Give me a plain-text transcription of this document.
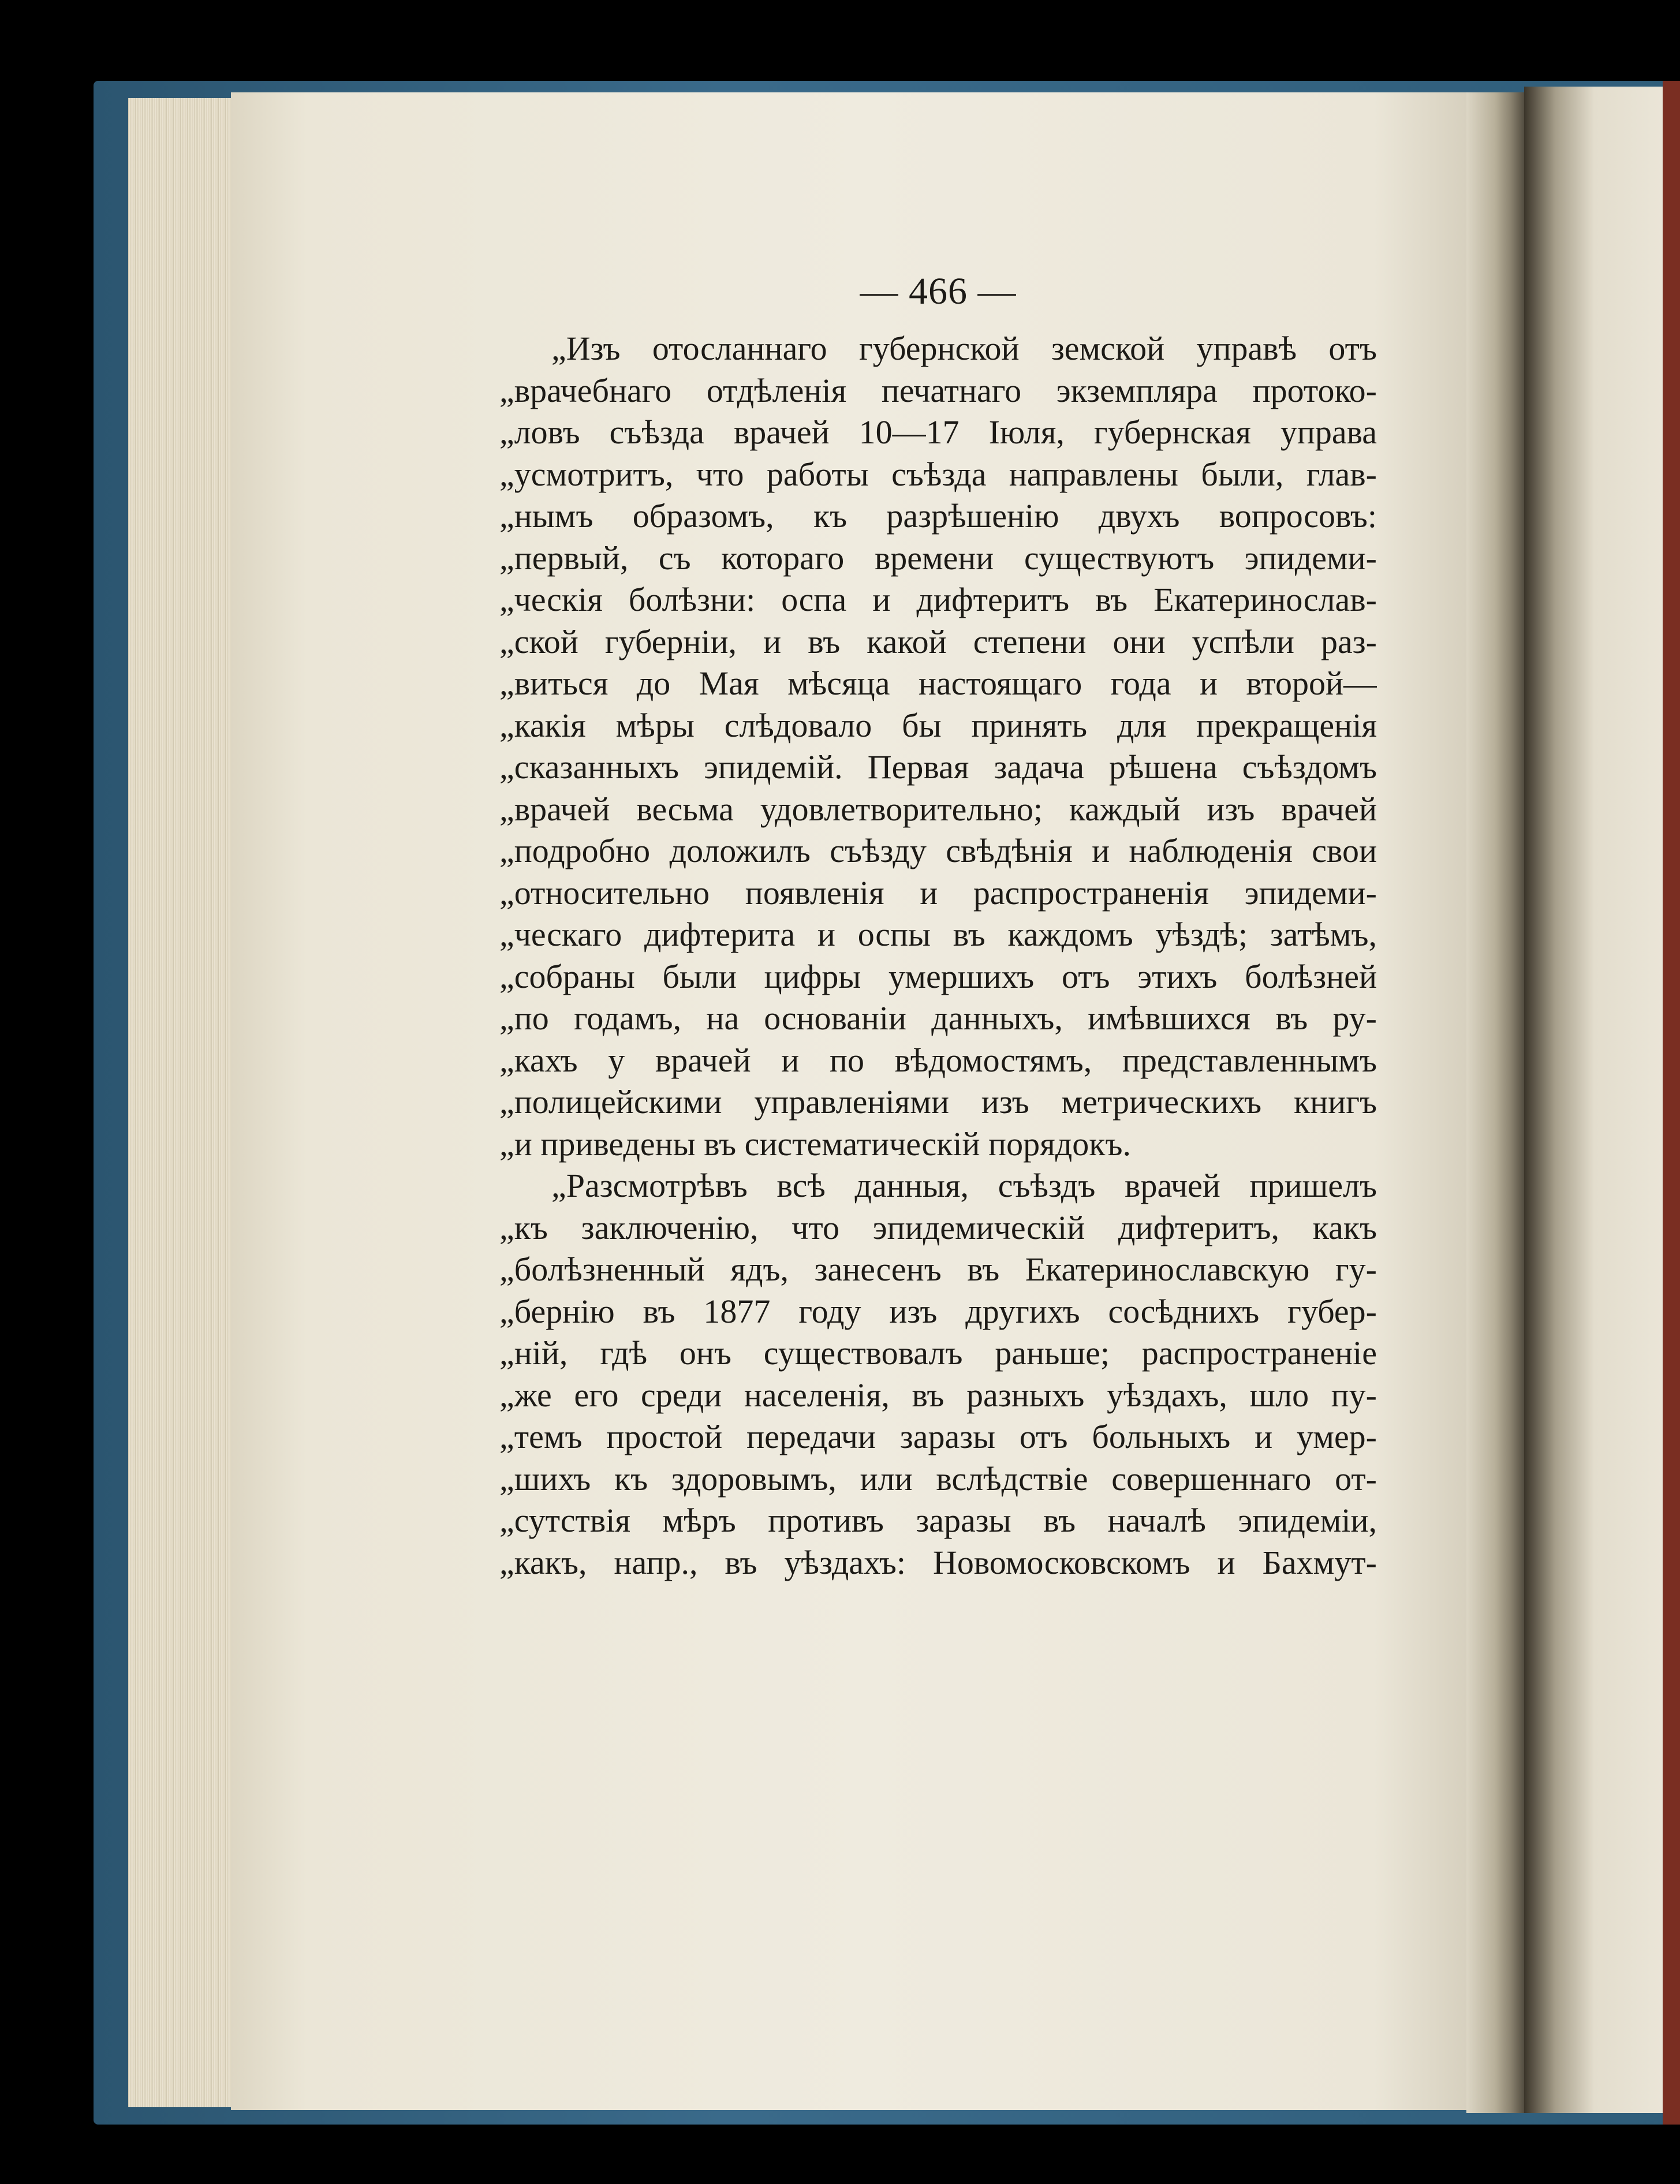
— 466 —
„Изъ отосланнаго губернской земской управѣ отъ
„врачебнаго отдѣленія печатнаго экземпляра протоко-
„ловъ съѣзда врачей 10—17 Іюля, губернская управа
„усмотритъ, что работы съѣзда направлены были, глав-
„нымъ образомъ, къ разрѣшенію двухъ вопросовъ:
„первый, съ котораго времени существуютъ эпидеми-
„ческія болѣзни: оспа и дифтеритъ въ Екатеринослав-
„ской губерніи, и въ какой степени они успѣли раз-
„виться до Мая мѣсяца настоящаго года и второй—
„какія мѣры слѣдовало бы принять для прекращенія
„сказанныхъ эпидемій. Первая задача рѣшена съѣздомъ
„врачей весьма удовлетворительно; каждый изъ врачей
„подробно доложилъ съѣзду свѣдѣнія и наблюденія свои
„относительно появленія и распространенія эпидеми-
„ческаго дифтерита и оспы въ каждомъ уѣздѣ; затѣмъ,
„собраны были цифры умершихъ отъ этихъ болѣзней
„по годамъ, на основаніи данныхъ, имѣвшихся въ ру-
„кахъ у врачей и по вѣдомостямъ, представленнымъ
„полицейскими управленіями изъ метрическихъ книгъ
„и приведены въ систематическій порядокъ.
„Разсмотрѣвъ всѣ данныя, съѣздъ врачей пришелъ
„къ заключенію, что эпидемическій дифтеритъ, какъ
„болѣзненный ядъ, занесенъ въ Екатеринославскую гу-
„бернію въ 1877 году изъ другихъ сосѣднихъ губер-
„ній, гдѣ онъ существовалъ раньше; распространеніе
„же его среди населенія, въ разныхъ уѣздахъ, шло пу-
„темъ простой передачи заразы отъ больныхъ и умер-
„шихъ къ здоровымъ, или вслѣдствіе совершеннаго от-
„сутствія мѣръ противъ заразы въ началѣ эпидеміи,
„какъ, напр., въ уѣздахъ: Новомосковскомъ и Бахмут-
